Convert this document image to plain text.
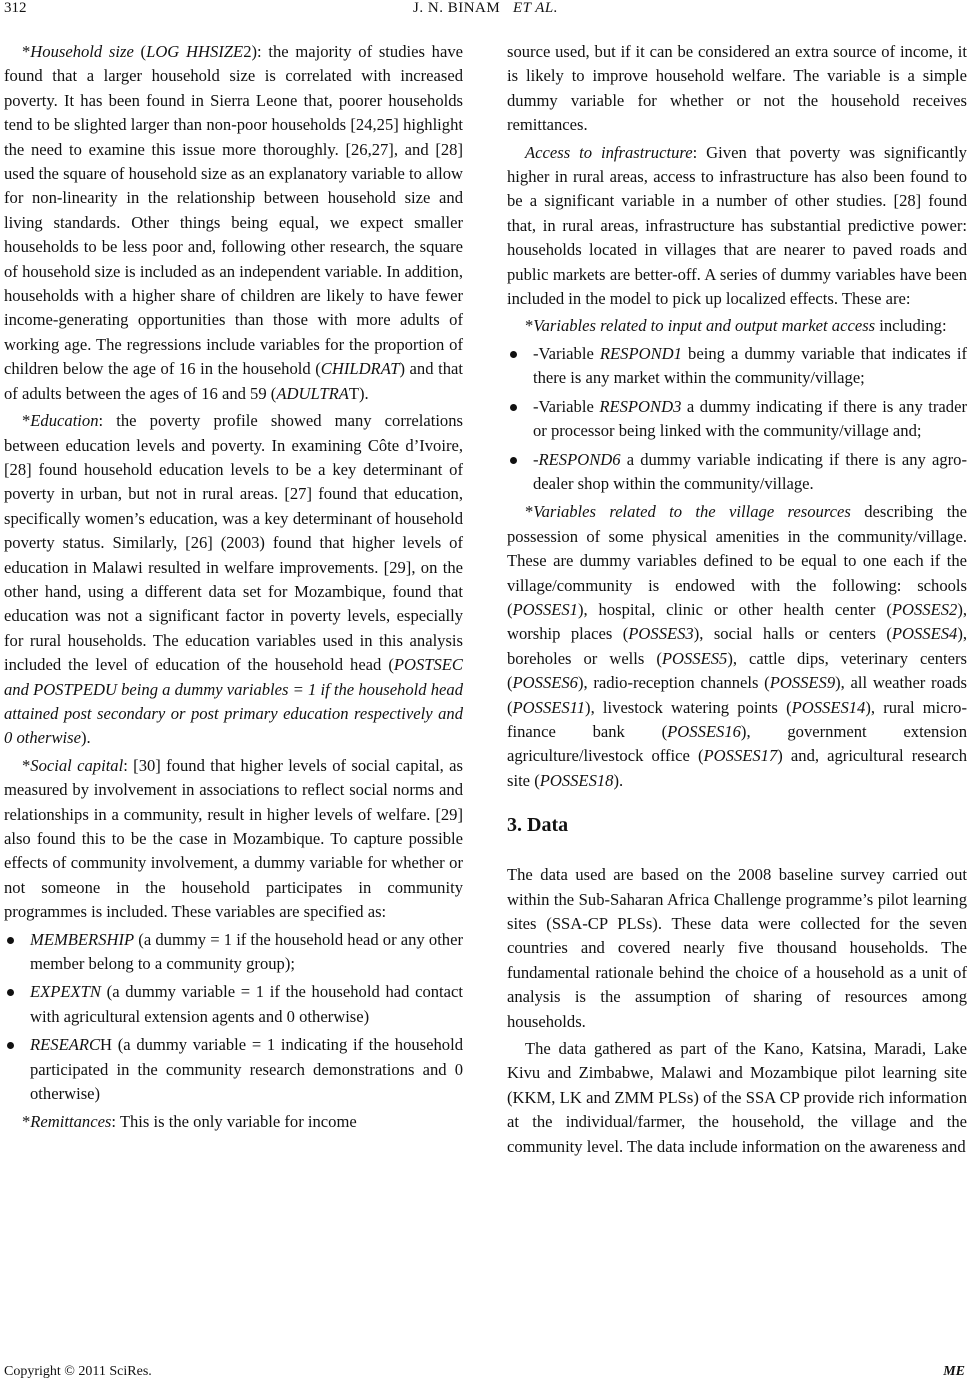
312	J. N. BINAM ET AL.

*Household size (LOG HHSIZE2): the majority of studies have found that a larger household size is correlated with increased poverty. It has been found in Sierra Leone that, poorer households tend to be slighted larger than non-poor households [24,25] highlight the need to examine this issue more thoroughly. [26,27], and [28] used the square of household size as an explanatory variable to allow for non-linearity in the relationship between household size and living standards. Other things being equal, we expect smaller households to be less poor and, following other research, the square of household size is included as an independent variable. In addition, households with a higher share of children are likely to have fewer income-generating opportunities than those with more adults of working age. The regressions include variables for the proportion of children below the age of 16 in the household (CHILDRAT) and that of adults between the ages of 16 and 59 (ADULTRAT).

*Education: the poverty profile showed many correlations between education levels and poverty. In examining Côte d’Ivoire, [28] found household education levels to be a key determinant of poverty in urban, but not in rural areas. [27] found that education, specifically women’s education, was a key determinant of household poverty status. Similarly, [26] (2003) found that higher levels of education in Malawi resulted in welfare improvements. [29], on the other hand, using a different data set for Mozambique, found that education was not a significant factor in poverty levels, especially for rural households. The education variables used in this analysis included the level of education of the household head (POSTSEC and POSTPEDU being a dummy variables = 1 if the household head attained post secondary or post primary education respectively and 0 otherwise).

*Social capital: [30] found that higher levels of social capital, as measured by involvement in associations to reflect social norms and relationships in a community, result in higher levels of welfare. [29] also found this to be the case in Mozambique. To capture possible effects of community involvement, a dummy variable for whether or not someone in the household participates in community programmes is included. These variables are specified as:

MEMBERSHIP (a dummy = 1 if the household head or any other member belong to a community group);
EXPEXTN (a dummy variable = 1 if the household had contact with agricultural extension agents and 0 otherwise)
RESEARCH (a dummy variable = 1 indicating if the household participated in the community research demonstrations and 0 otherwise)

*Remittances: This is the only variable for income

source used, but if it can be considered an extra source of income, it is likely to improve household welfare. The variable is a simple dummy variable for whether or not the household receives remittances.

Access to infrastructure: Given that poverty was significantly higher in rural areas, access to infrastructure has also been found to be a significant variable in a number of other studies. [28] found that, in rural areas, infrastructure has substantial predictive power: households located in villages that are nearer to paved roads and public markets are better-off. A series of dummy variables have been included in the model to pick up localized effects. These are:

*Variables related to input and output market access including:

-Variable RESPOND1 being a dummy variable that indicates if there is any market within the community/village;
-Variable RESPOND3 a dummy indicating if there is any trader or processor being linked with the community/village and;
-RESPOND6 a dummy variable indicating if there is any agro-dealer shop within the community/village.

*Variables related to the village resources describing the possession of some physical amenities in the community/village. These are dummy variables defined to be equal to one each if the village/community is endowed with the following: schools (POSSES1), hospital, clinic or other health center (POSSES2), worship places (POSSES3), social halls or centers (POSSES4), boreholes or wells (POSSES5), cattle dips, veterinary centers (POSSES6), radio-reception channels (POSSES9), all weather roads (POSSES11), livestock watering points (POSSES14), rural micro-finance bank (POSSES16), government extension agriculture/livestock office (POSSES17) and, agricultural research site (POSSES18).

3. Data

The data used are based on the 2008 baseline survey carried out within the Sub-Saharan Africa Challenge programme’s pilot learning sites (SSA-CP PLSs). These data were collected for the seven countries and covered nearly five thousand households. The fundamental rationale behind the choice of a household as a unit of analysis is the assumption of sharing of resources among households.

The data gathered as part of the Kano, Katsina, Maradi, Lake Kivu and Zimbabwe, Malawi and Mozambique pilot learning site (KKM, LK and ZMM PLSs) of the SSA CP provide rich information at the individual/farmer, the household, the village and the community level. The data include information on the awareness and

Copyright © 2011 SciRes.	ME
